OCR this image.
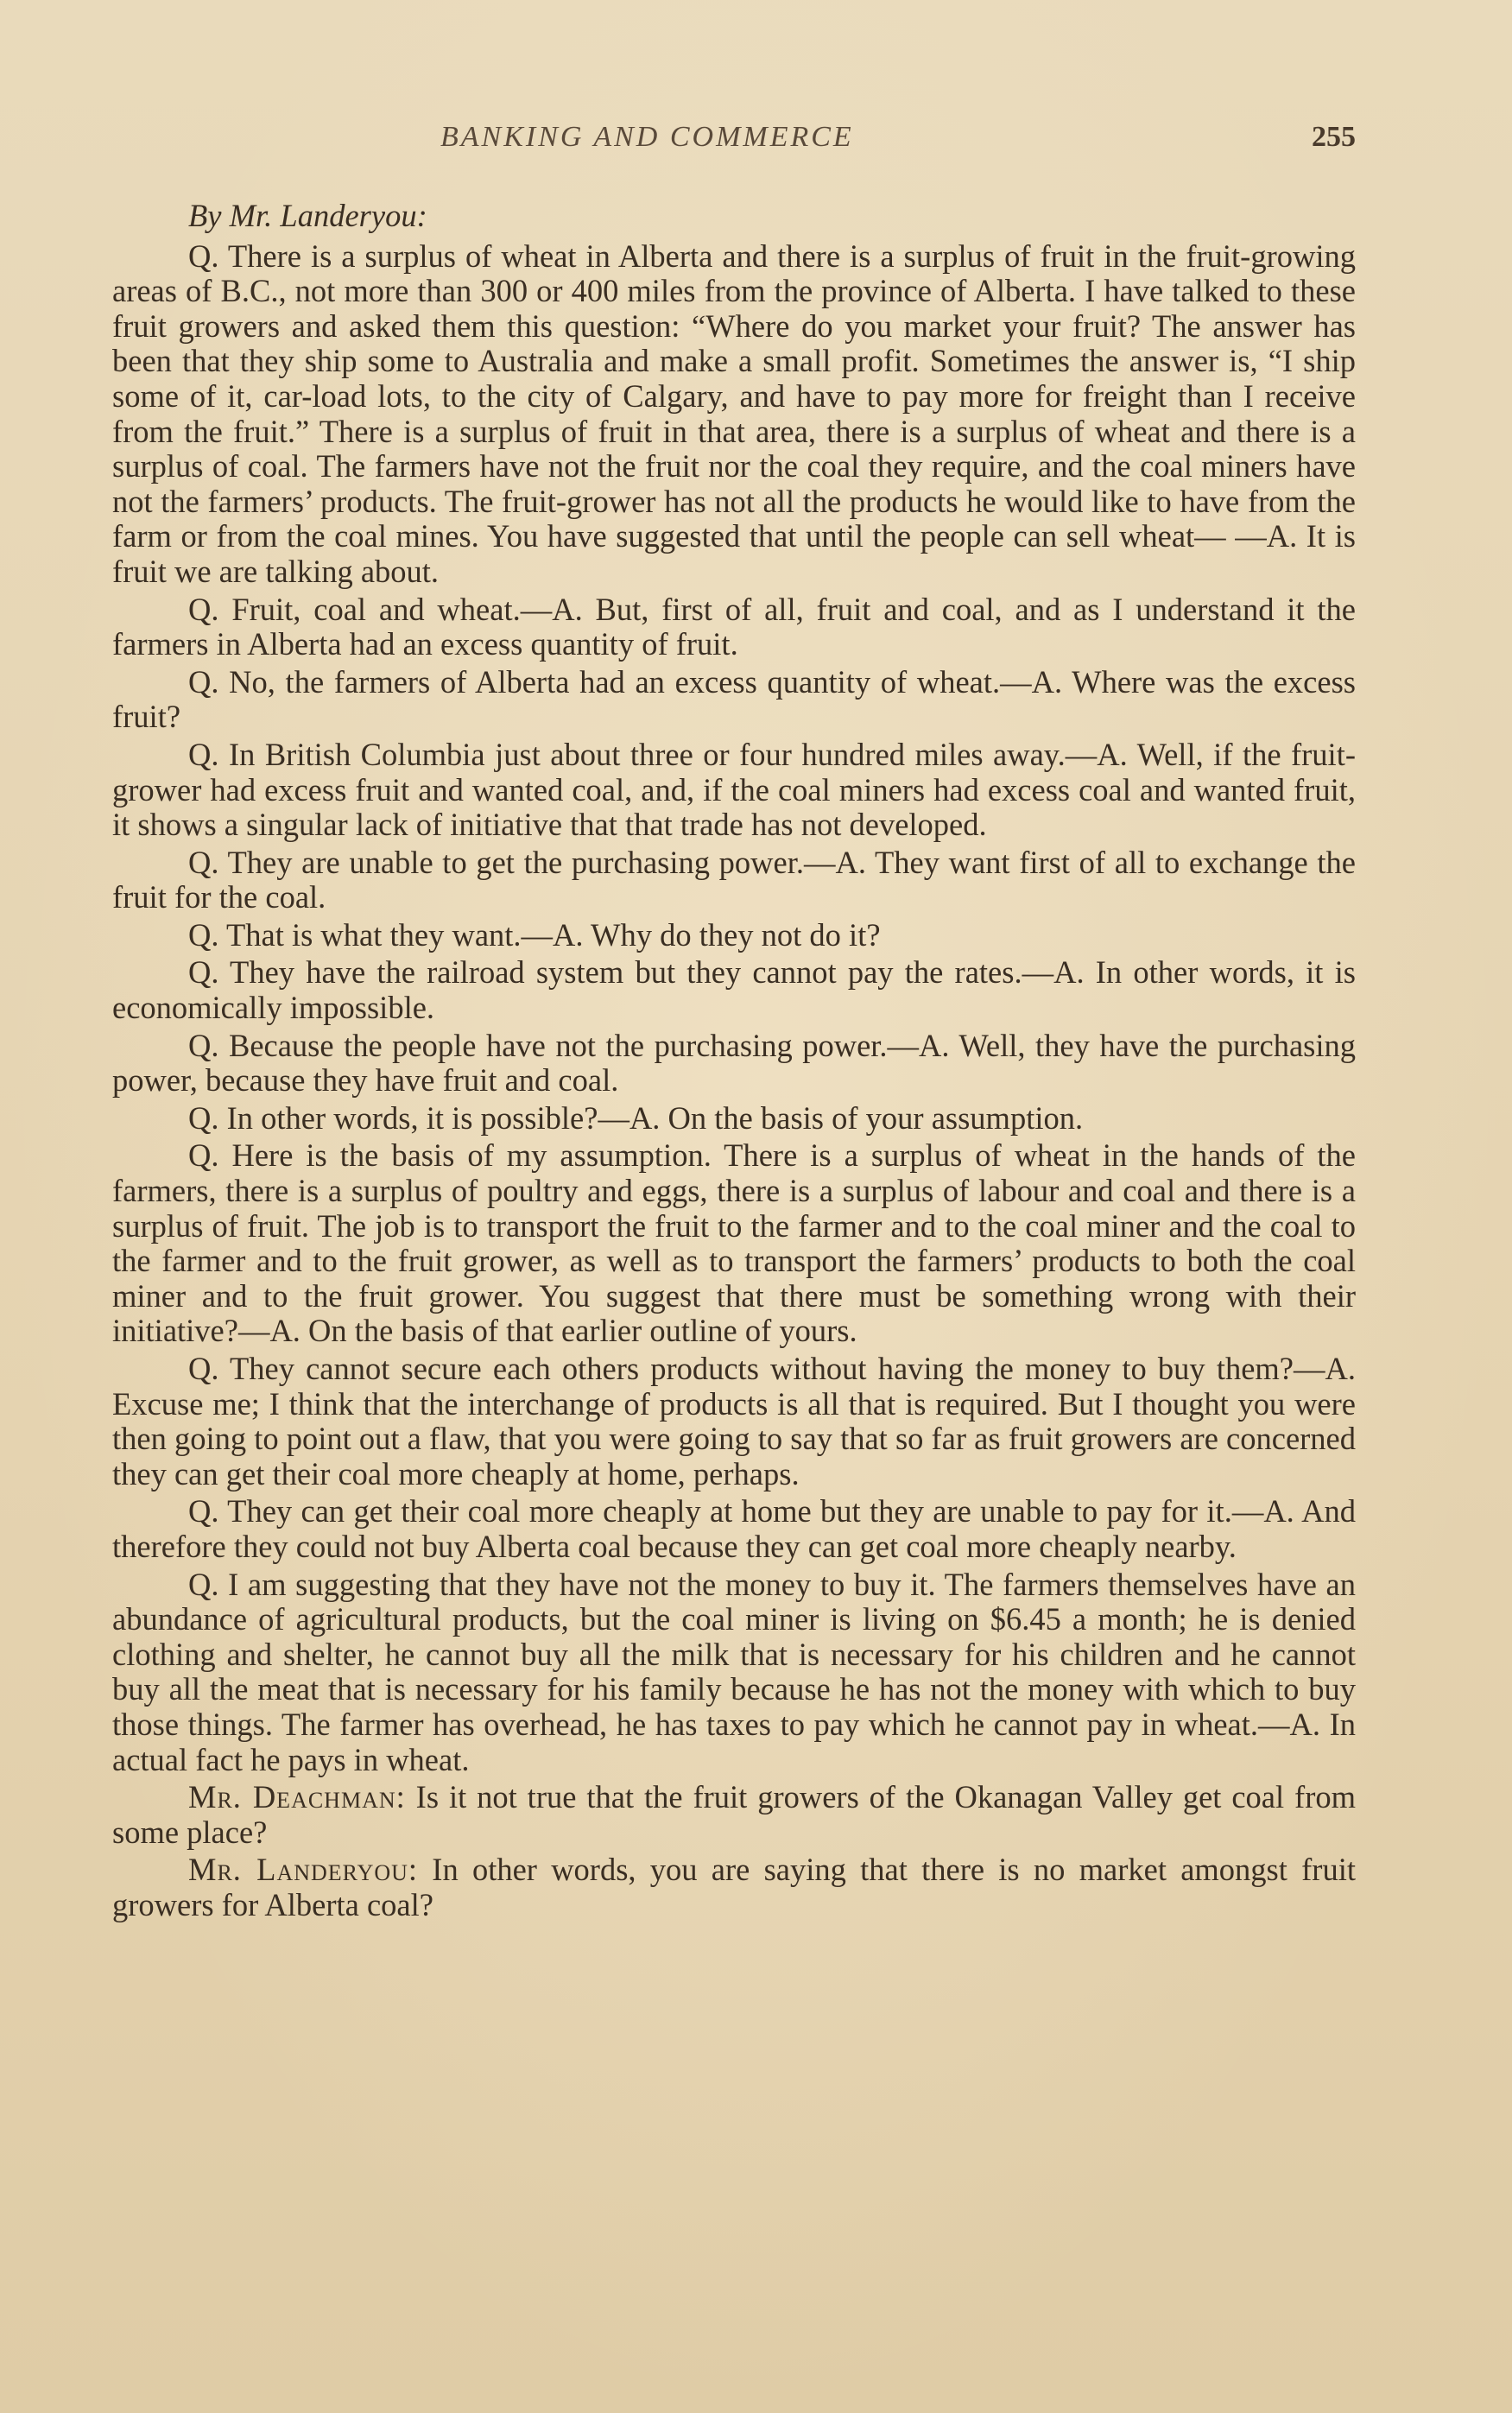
BANKING AND COMMERCE	255

By Mr. Landeryou:

Q. There is a surplus of wheat in Alberta and there is a surplus of fruit in the fruit-growing areas of B.C., not more than 300 or 400 miles from the province of Alberta. I have talked to these fruit growers and asked them this question: “Where do you market your fruit? The answer has been that they ship some to Australia and make a small profit. Sometimes the answer is, “I ship some of it, car-load lots, to the city of Calgary, and have to pay more for freight than I receive from the fruit.” There is a surplus of fruit in that area, there is a surplus of wheat and there is a surplus of coal. The farmers have not the fruit nor the coal they require, and the coal miners have not the farmers’ products. The fruit-grower has not all the products he would like to have from the farm or from the coal mines. You have suggested that until the people can sell wheat— —A. It is fruit we are talking about.

Q. Fruit, coal and wheat.—A. But, first of all, fruit and coal, and as I understand it the farmers in Alberta had an excess quantity of fruit.

Q. No, the farmers of Alberta had an excess quantity of wheat.—A. Where was the excess fruit?

Q. In British Columbia just about three or four hundred miles away.—A. Well, if the fruit-grower had excess fruit and wanted coal, and, if the coal miners had excess coal and wanted fruit, it shows a singular lack of initiative that that trade has not developed.

Q. They are unable to get the purchasing power.—A. They want first of all to exchange the fruit for the coal.

Q. That is what they want.—A. Why do they not do it?

Q. They have the railroad system but they cannot pay the rates.—A. In other words, it is economically impossible.

Q. Because the people have not the purchasing power.—A. Well, they have the purchasing power, because they have fruit and coal.

Q. In other words, it is possible?—A. On the basis of your assumption.

Q. Here is the basis of my assumption. There is a surplus of wheat in the hands of the farmers, there is a surplus of poultry and eggs, there is a surplus of labour and coal and there is a surplus of fruit. The job is to transport the fruit to the farmer and to the coal miner and the coal to the farmer and to the fruit grower, as well as to transport the farmers’ products to both the coal miner and to the fruit grower. You suggest that there must be something wrong with their initiative?—A. On the basis of that earlier outline of yours.

Q. They cannot secure each others products without having the money to buy them?—A. Excuse me; I think that the interchange of products is all that is required. But I thought you were then going to point out a flaw, that you were going to say that so far as fruit growers are concerned they can get their coal more cheaply at home, perhaps.

Q. They can get their coal more cheaply at home but they are unable to pay for it.—A. And therefore they could not buy Alberta coal because they can get coal more cheaply nearby.

Q. I am suggesting that they have not the money to buy it. The farmers themselves have an abundance of agricultural products, but the coal miner is living on $6.45 a month; he is denied clothing and shelter, he cannot buy all the milk that is necessary for his children and he cannot buy all the meat that is necessary for his family because he has not the money with which to buy those things. The farmer has overhead, he has taxes to pay which he cannot pay in wheat.—A. In actual fact he pays in wheat.

Mr. Deachman: Is it not true that the fruit growers of the Okanagan Valley get coal from some place?

Mr. Landeryou: In other words, you are saying that there is no market amongst fruit growers for Alberta coal?
